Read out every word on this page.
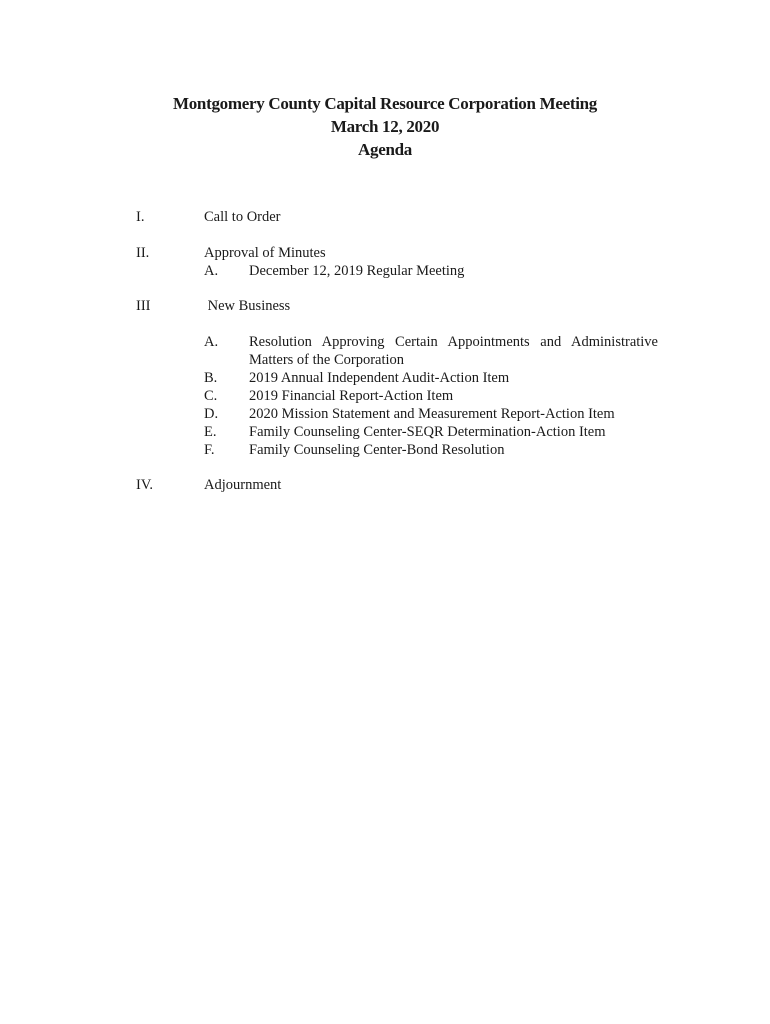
Montgomery County Capital Resource Corporation Meeting
March 12, 2020
Agenda
I.	Call to Order
II.	Approval of Minutes
A. December 12, 2019 Regular Meeting
III	New Business
A. Resolution Approving Certain Appointments and Administrative Matters of the Corporation
B. 2019 Annual Independent Audit-Action Item
C. 2019 Financial Report-Action Item
D. 2020 Mission Statement and Measurement Report-Action Item
E. Family Counseling Center-SEQR Determination-Action Item
F. Family Counseling Center-Bond Resolution
IV.	Adjournment
